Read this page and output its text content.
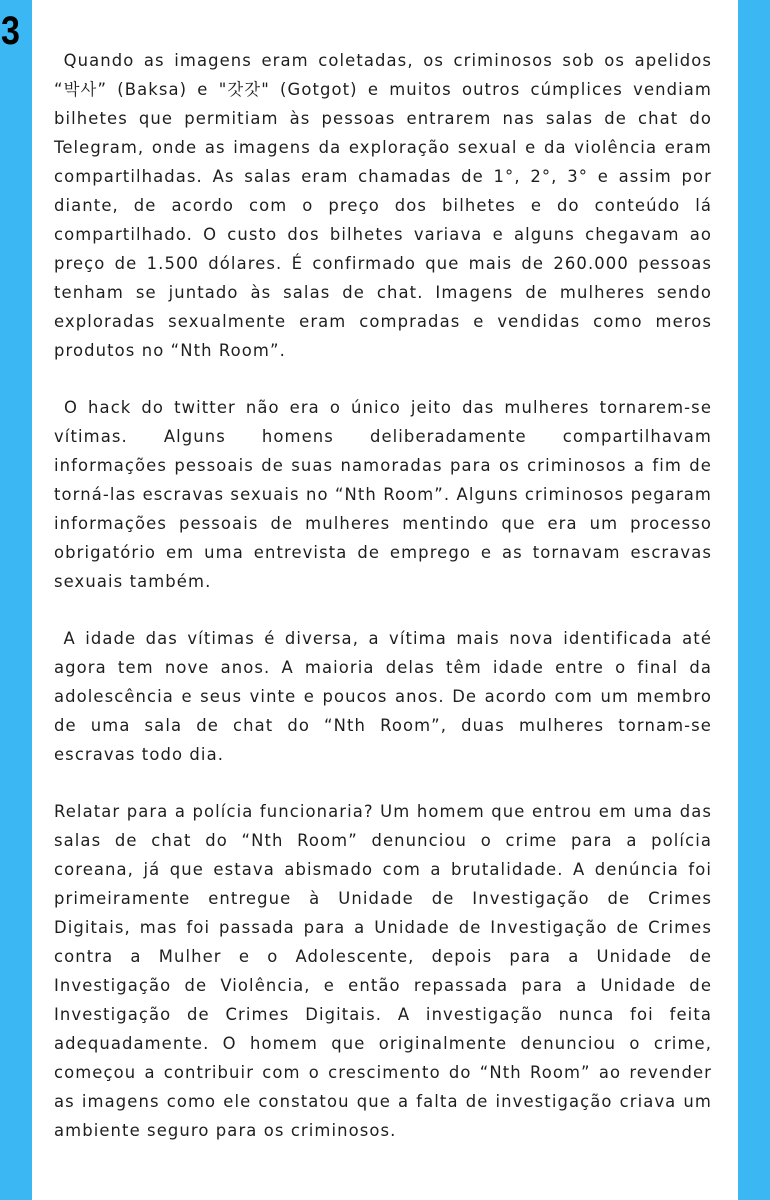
3

Quando as imagens eram coletadas, os criminosos sob os apelidos “박사” (Baksa) e "갓갓" (Gotgot) e muitos outros cúmplices vendiam bilhetes que permitiam às pessoas entrarem nas salas de chat do Telegram, onde as imagens da exploração sexual e da violência eram compartilhadas. As salas eram chamadas de 1°, 2°, 3° e assim por diante, de acordo com o preço dos bilhetes e do conteúdo lá compartilhado. O custo dos bilhetes variava e alguns chegavam ao preço de 1.500 dólares. É confirmado que mais de 260.000 pessoas tenham se juntado às salas de chat. Imagens de mulheres sendo exploradas sexualmente eram compradas e vendidas como meros produtos no “Nth Room”.

O hack do twitter não era o único jeito das mulheres tornarem-se vítimas. Alguns homens deliberadamente compartilhavam informações pessoais de suas namoradas para os criminosos a fim de torná-las escravas sexuais no “Nth Room”. Alguns criminosos pegaram informações pessoais de mulheres mentindo que era um processo obrigatório em uma entrevista de emprego e as tornavam escravas sexuais também.

A idade das vítimas é diversa, a vítima mais nova identificada até agora tem nove anos. A maioria delas têm idade entre o final da adolescência e seus vinte e poucos anos. De acordo com um membro de uma sala de chat do “Nth Room”, duas mulheres tornam-se escravas todo dia.

Relatar para a polícia funcionaria? Um homem que entrou em uma das salas de chat do “Nth Room” denunciou o crime para a polícia coreana, já que estava abismado com a brutalidade. A denúncia foi primeiramente entregue à Unidade de Investigação de Crimes Digitais, mas foi passada para a Unidade de Investigação de Crimes contra a Mulher e o Adolescente, depois para a Unidade de Investigação de Violência, e então repassada para a Unidade de Investigação de Crimes Digitais. A investigação nunca foi feita adequadamente. O homem que originalmente denunciou o crime, começou a contribuir com o crescimento do “Nth Room” ao revender as imagens como ele constatou que a falta de investigação criava um ambiente seguro para os criminosos.
